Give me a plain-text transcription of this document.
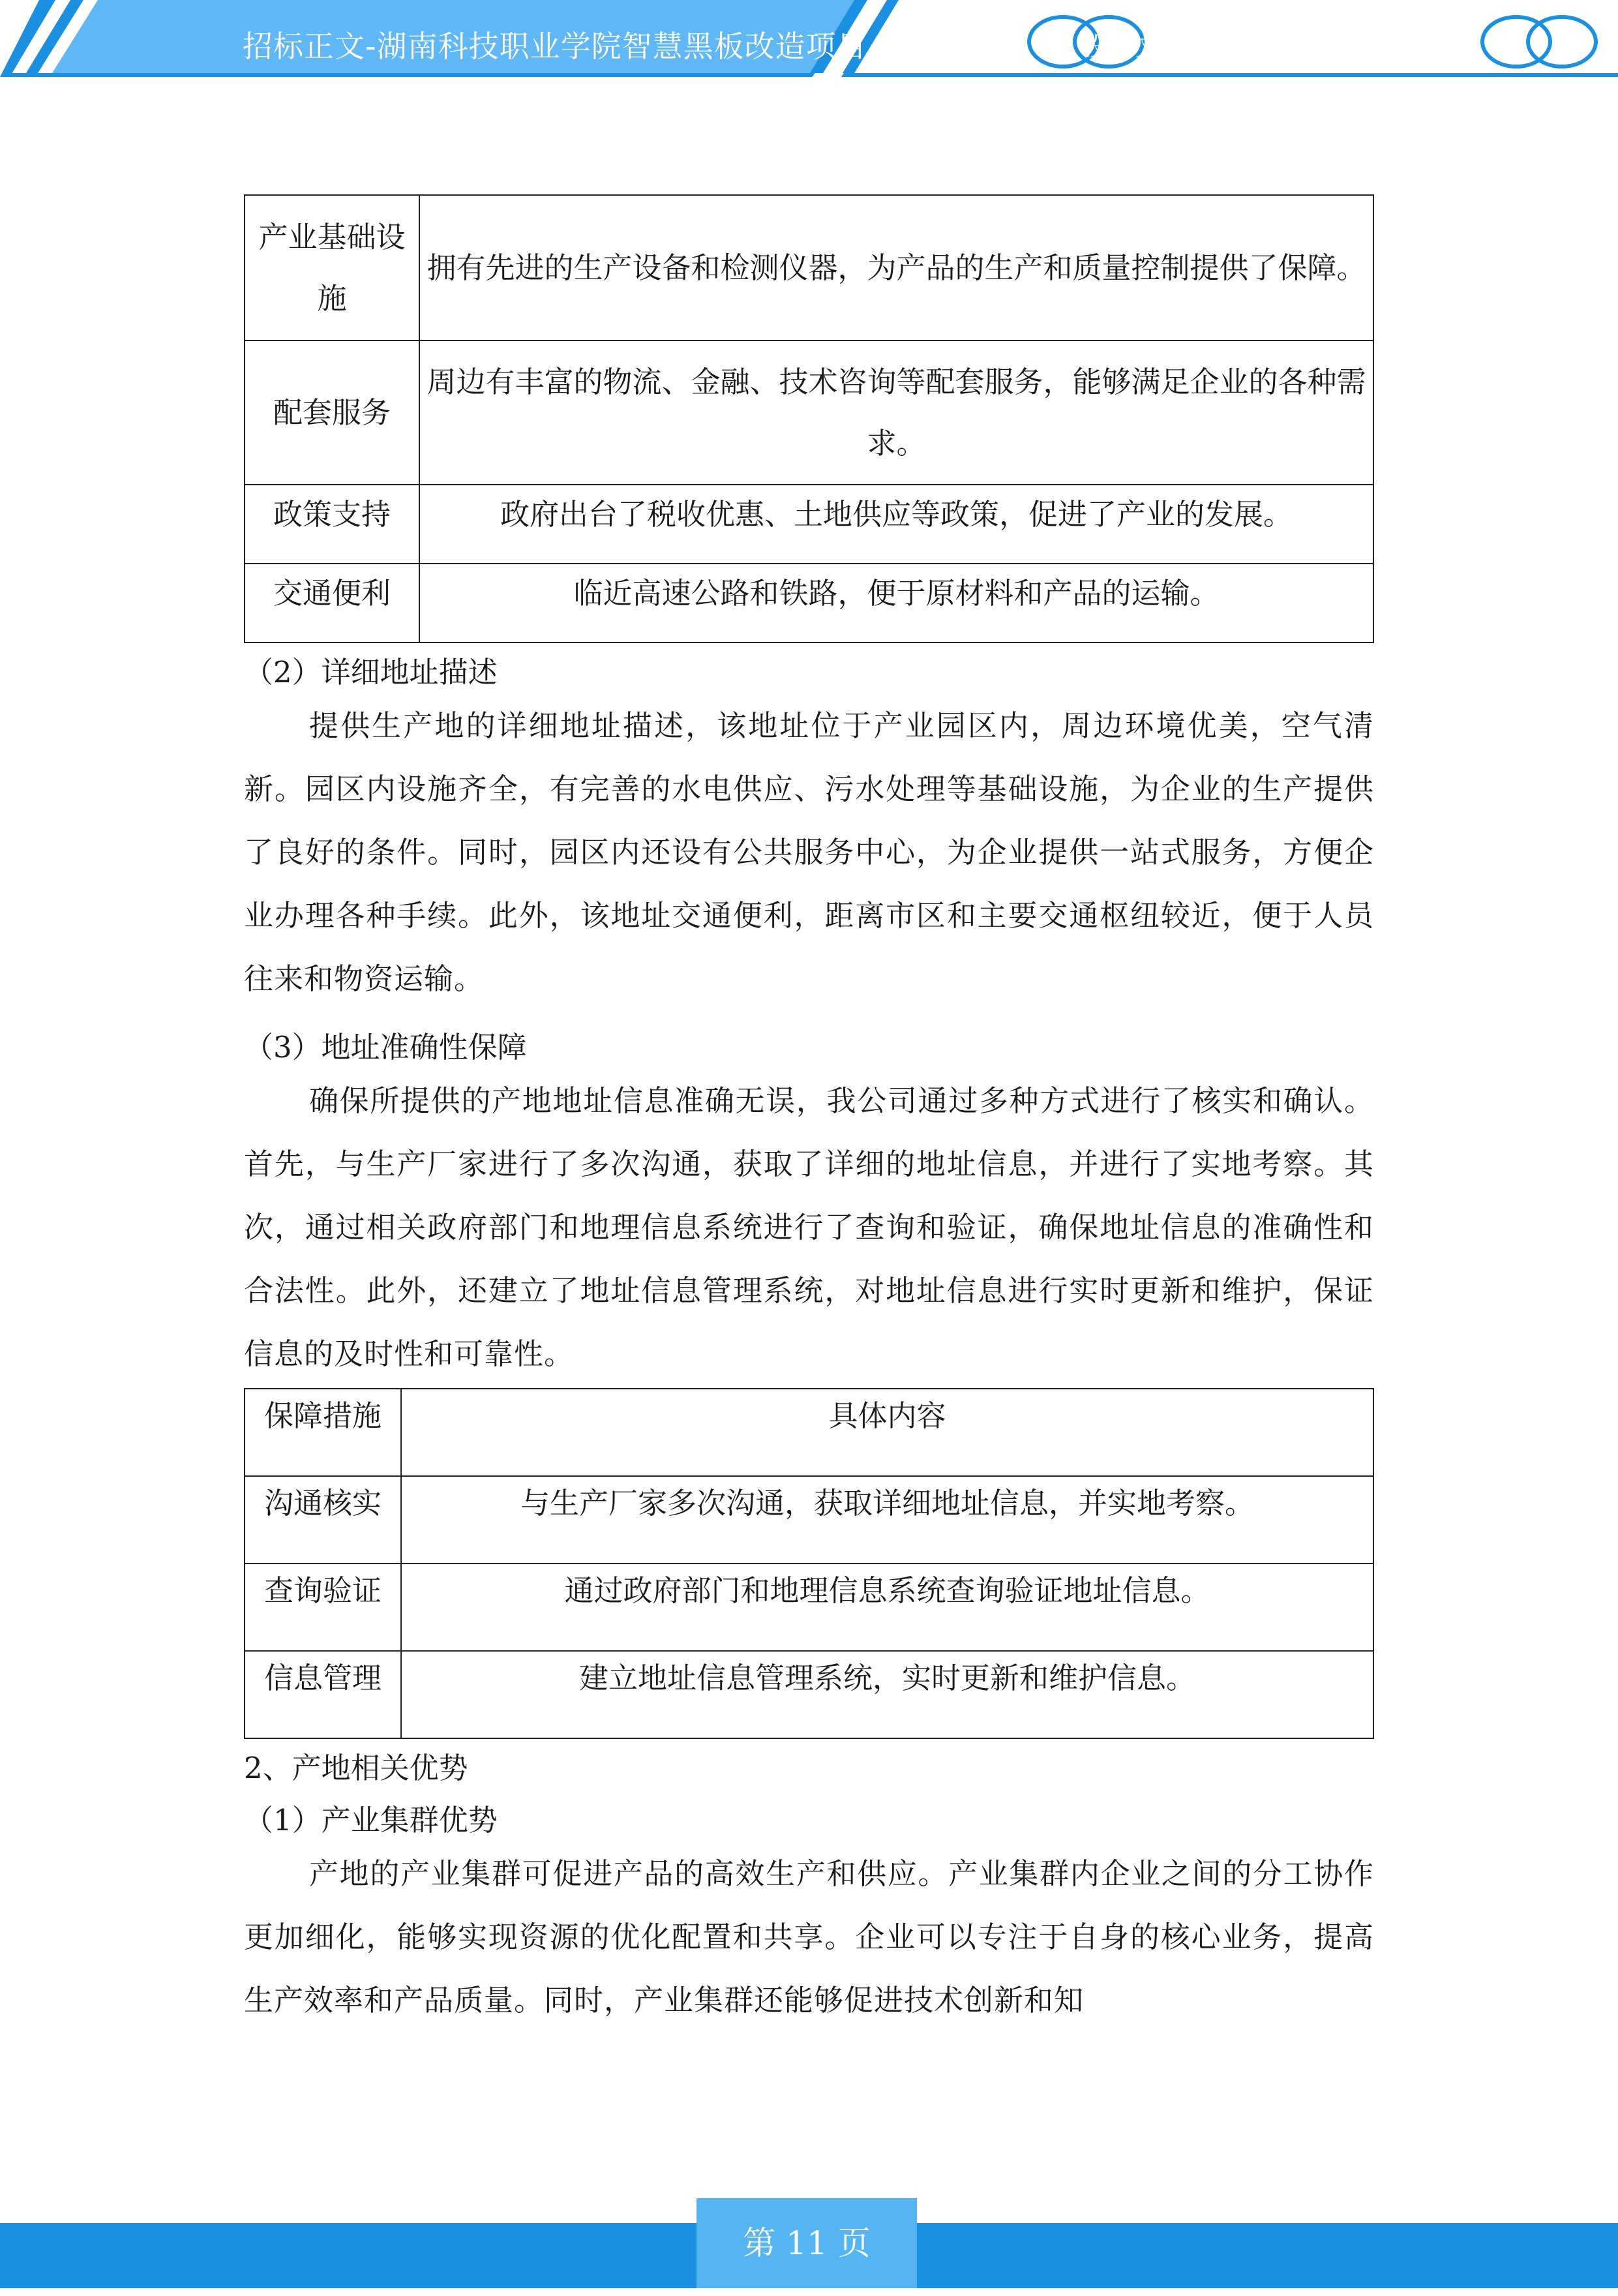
招标正文-湖南科技职业学院智慧黑板改造项目	投标文件
产业基础设施	拥有先进的生产设备和检测仪器，为产品的生产和质量控制提供了保障。
配套服务	周边有丰富的物流、金融、技术咨询等配套服务，能够满足企业的各种需求。
政策支持	政府出台了税收优惠、土地供应等政策，促进了产业的发展。
交通便利	临近高速公路和铁路，便于原材料和产品的运输。

（2）详细地址描述

提供生产地的详细地址描述，该地址位于产业园区内，周边环境优美，空气清新。园区内设施齐全，有完善的水电供应、污水处理等基础设施，为企业的生产提供了良好的条件。同时，园区内还设有公共服务中心，为企业提供一站式服务，方便企业办理各种手续。此外，该地址交通便利，距离市区和主要交通枢纽较近，便于人员往来和物资运输。

（3）地址准确性保障

确保所提供的产地地址信息准确无误，我公司通过多种方式进行了核实和确认。首先，与生产厂家进行了多次沟通，获取了详细的地址信息，并进行了实地考察。其次，通过相关政府部门和地理信息系统进行了查询和验证，确保地址信息的准确性和合法性。此外，还建立了地址信息管理系统，对地址信息进行实时更新和维护，保证信息的及时性和可靠性。

保障措施	具体内容
沟通核实	与生产厂家多次沟通，获取详细地址信息，并实地考察。
查询验证	通过政府部门和地理信息系统查询验证地址信息。
信息管理	建立地址信息管理系统，实时更新和维护信息。

2、产地相关优势

（1）产业集群优势

产地的产业集群可促进产品的高效生产和供应。产业集群内企业之间的分工协作更加细化，能够实现资源的优化配置和共享。企业可以专注于自身的核心业务，提高生产效率和产品质量。同时，产业集群还能够促进技术创新和知

第 11 页
